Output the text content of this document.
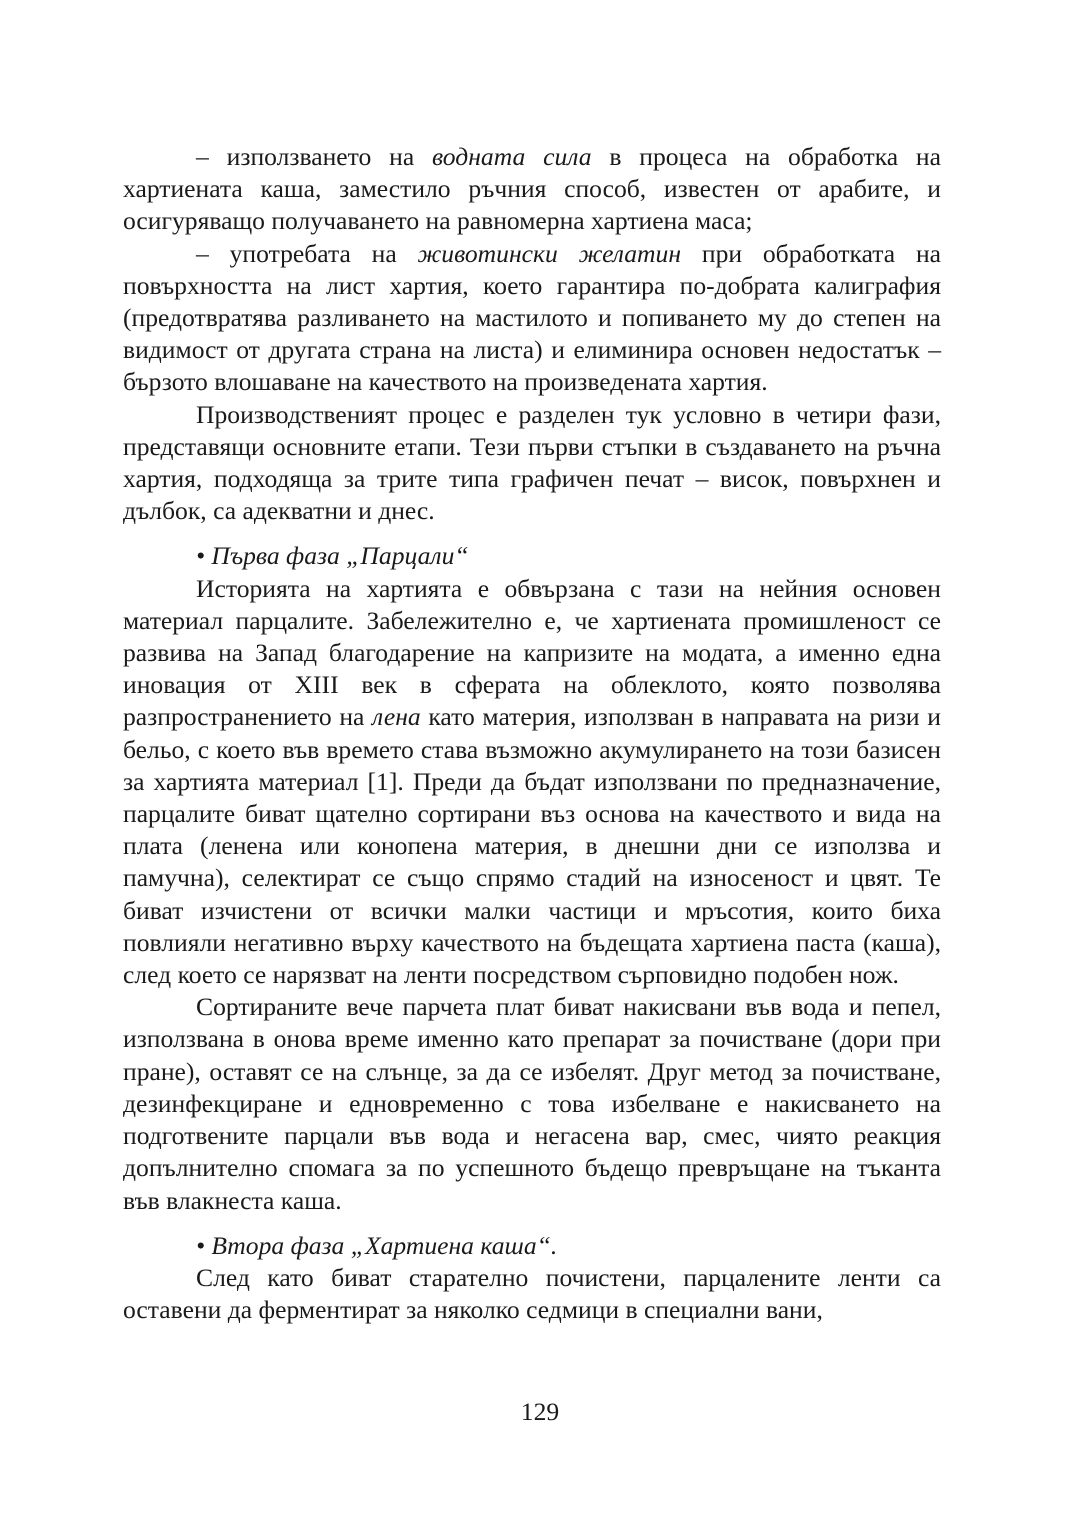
– използването на водната сила в процеса на обработка на хартиената каша, заместило ръчния способ, известен от арабите, и осигуряващо получаването на равномерна хартиена маса;

– употребата на животински желатин при обработката на повърхността на лист хартия, което гарантира по-добрата калиграфия (предотвратява разливането на мастилото и попиването му до степен на видимост от другата страна на листа) и елиминира основен недостатък – бързото влошаване на качеството на произведената хартия.

Производственият процес е разделен тук условно в четири фази, представящи основните етапи. Тези първи стъпки в създаването на ръчна хартия, подходяща за трите типа графичен печат – висок, повърхнен и дълбок, са адекватни и днес.

• Първа фаза „Парцали“

Историята на хартията е обвързана с тази на нейния основен материал парцалите. Забележително е, че хартиената промишленост се развива на Запад благодарение на капризите на модата, а именно една иновация от XIII век в сферата на облеклото, която позволява разпространението на лена като материя, използван в направата на ризи и бельо, с което във времето става възможно акумулирането на този базисен за хартията материал [1]. Преди да бъдат използвани по предназначение, парцалите биват щателно сортирани въз основа на качеството и вида на плата (ленена или конопена материя, в днешни дни се използва и памучна), селектират се също спрямо стадий на износеност и цвят. Те биват изчистени от всички малки частици и мръсотия, които биха повлияли негативно върху качеството на бъдещата хартиена паста (каша), след което се нарязват на ленти посредством сърповидно подобен нож.

Сортираните вече парчета плат биват накисвани във вода и пепел, използвана в онова време именно като препарат за почистване (дори при пране), оставят се на слънце, за да се избелят. Друг метод за почистване, дезинфекциране и едновременно с това избелване е накисването на подготвените парцали във вода и негасена вар, смес, чиято реакция допълнително спомага за по успешното бъдещо превръщане на тъканта във влакнеста каша.

• Втора фаза „Хартиена каша“.

След като биват старателно почистени, парцалените ленти са оставени да ферментират за няколко седмици в специални вани,

129
